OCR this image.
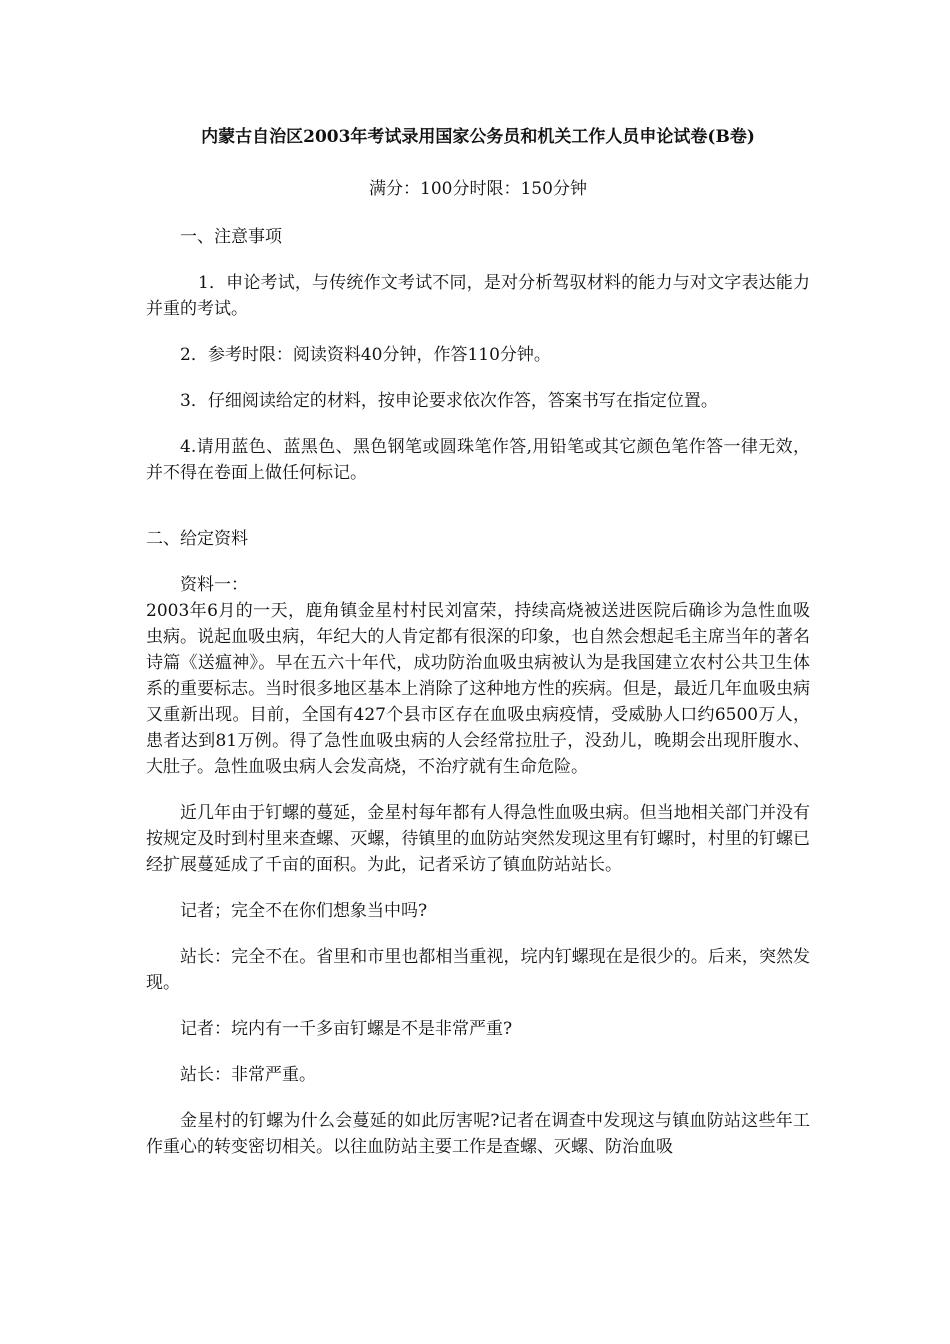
内蒙古自治区2003年考试录用国家公务员和机关工作人员申论试卷(B卷)
满分：100分时限：150分钟
一、注意事项
1．申论考试，与传统作文考试不同，是对分析驾驭材料的能力与对文字表达能力并重的考试。
2．参考时限：阅读资料40分钟，作答110分钟。
3．仔细阅读给定的材料，按申论要求依次作答，答案书写在指定位置。
4.请用蓝色、蓝黑色、黑色钢笔或圆珠笔作答,用铅笔或其它颜色笔作答一律无效，并不得在卷面上做任何标记。
二、给定资料
资料一：
2003年6月的一天，鹿角镇金星村村民刘富荣，持续高烧被送进医院后确诊为急性血吸虫病。说起血吸虫病，年纪大的人肯定都有很深的印象，也自然会想起毛主席当年的著名诗篇《送瘟神》。早在五六十年代，成功防治血吸虫病被认为是我国建立农村公共卫生体系的重要标志。当时很多地区基本上消除了这种地方性的疾病。但是，最近几年血吸虫病又重新出现。目前，全国有427个县市区存在血吸虫病疫情，受威胁人口约6500万人，患者达到81万例。得了急性血吸虫病的人会经常拉肚子，没劲儿，晚期会出现肝腹水、大肚子。急性血吸虫病人会发高烧，不治疗就有生命危险。
近几年由于钉螺的蔓延，金星村每年都有人得急性血吸虫病。但当地相关部门并没有按规定及时到村里来查螺、灭螺，待镇里的血防站突然发现这里有钉螺时，村里的钉螺已经扩展蔓延成了千亩的面积。为此，记者采访了镇血防站站长。
记者；完全不在你们想象当中吗?
站长：完全不在。省里和市里也都相当重视，垸内钉螺现在是很少的。后来，突然发现。
记者：垸内有一千多亩钉螺是不是非常严重?
站长：非常严重。
金星村的钉螺为什么会蔓延的如此厉害呢?记者在调查中发现这与镇血防站这些年工作重心的转变密切相关。以往血防站主要工作是查螺、灭螺、防治血吸
